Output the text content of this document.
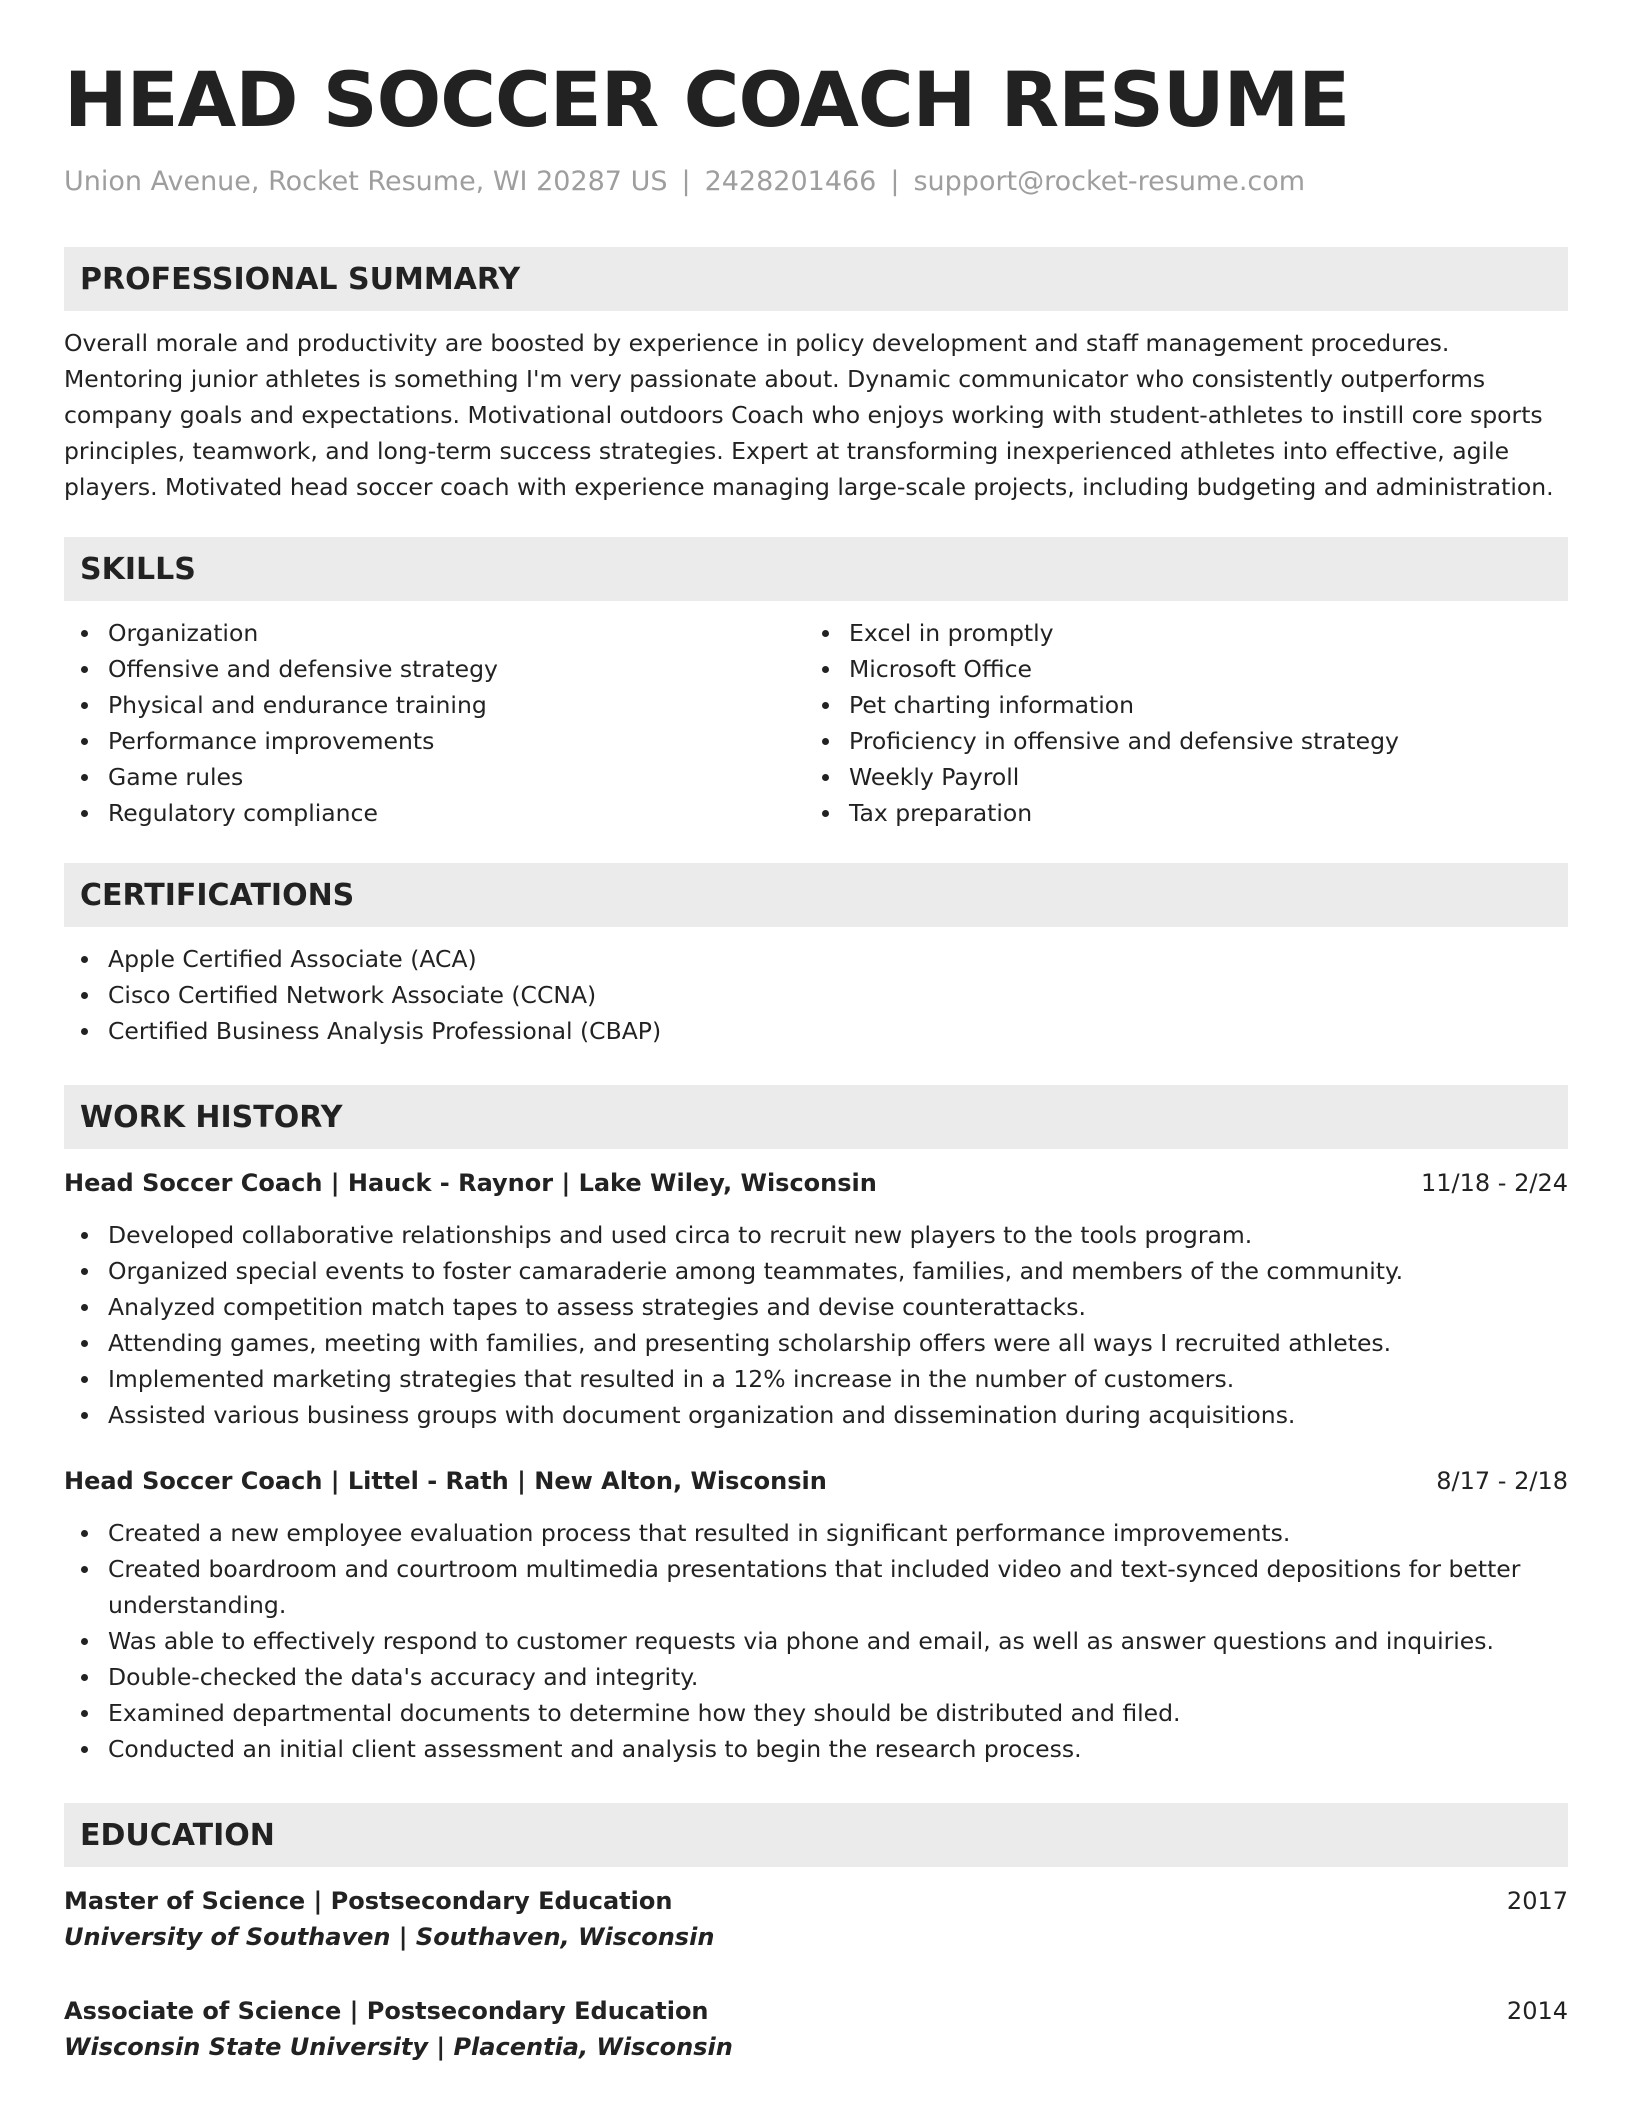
HEAD SOCCER COACH RESUME
Union Avenue, Rocket Resume, WI 20287 US | 2428201466 | support@rocket-resume.com
PROFESSIONAL SUMMARY

Overall morale and productivity are boosted by experience in policy development and staff management procedures. Mentoring junior athletes is something I'm very passionate about. Dynamic communicator who consistently outperforms company goals and expectations. Motivational outdoors Coach who enjoys working with student-athletes to instill core sports principles, teamwork, and long-term success strategies. Expert at transforming inexperienced athletes into effective, agile players. Motivated head soccer coach with experience managing large-scale projects, including budgeting and administration.

SKILLS
Organization
Offensive and defensive strategy
Physical and endurance training
Performance improvements
Game rules
Regulatory compliance
Excel in promptly
Microsoft Office
Pet charting information
Proficiency in offensive and defensive strategy
Weekly Payroll
Tax preparation
CERTIFICATIONS
Apple Certified Associate (ACA)
Cisco Certified Network Associate (CCNA)
Certified Business Analysis Professional (CBAP)
WORK HISTORY
Head Soccer Coach | Hauck - Raynor | Lake Wiley, Wisconsin	11/18 - 2/24
Developed collaborative relationships and used circa to recruit new players to the tools program.
Organized special events to foster camaraderie among teammates, families, and members of the community.
Analyzed competition match tapes to assess strategies and devise counterattacks.
Attending games, meeting with families, and presenting scholarship offers were all ways I recruited athletes.
Implemented marketing strategies that resulted in a 12% increase in the number of customers.
Assisted various business groups with document organization and dissemination during acquisitions.
Head Soccer Coach | Littel - Rath | New Alton, Wisconsin	8/17 - 2/18
Created a new employee evaluation process that resulted in significant performance improvements.
Created boardroom and courtroom multimedia presentations that included video and text-synced depositions for better understanding.
Was able to effectively respond to customer requests via phone and email, as well as answer questions and inquiries.
Double-checked the data's accuracy and integrity.
Examined departmental documents to determine how they should be distributed and filed.
Conducted an initial client assessment and analysis to begin the research process.
EDUCATION
Master of Science | Postsecondary Education	2017
University of Southaven | Southaven, Wisconsin
Associate of Science | Postsecondary Education	2014
Wisconsin State University | Placentia, Wisconsin
